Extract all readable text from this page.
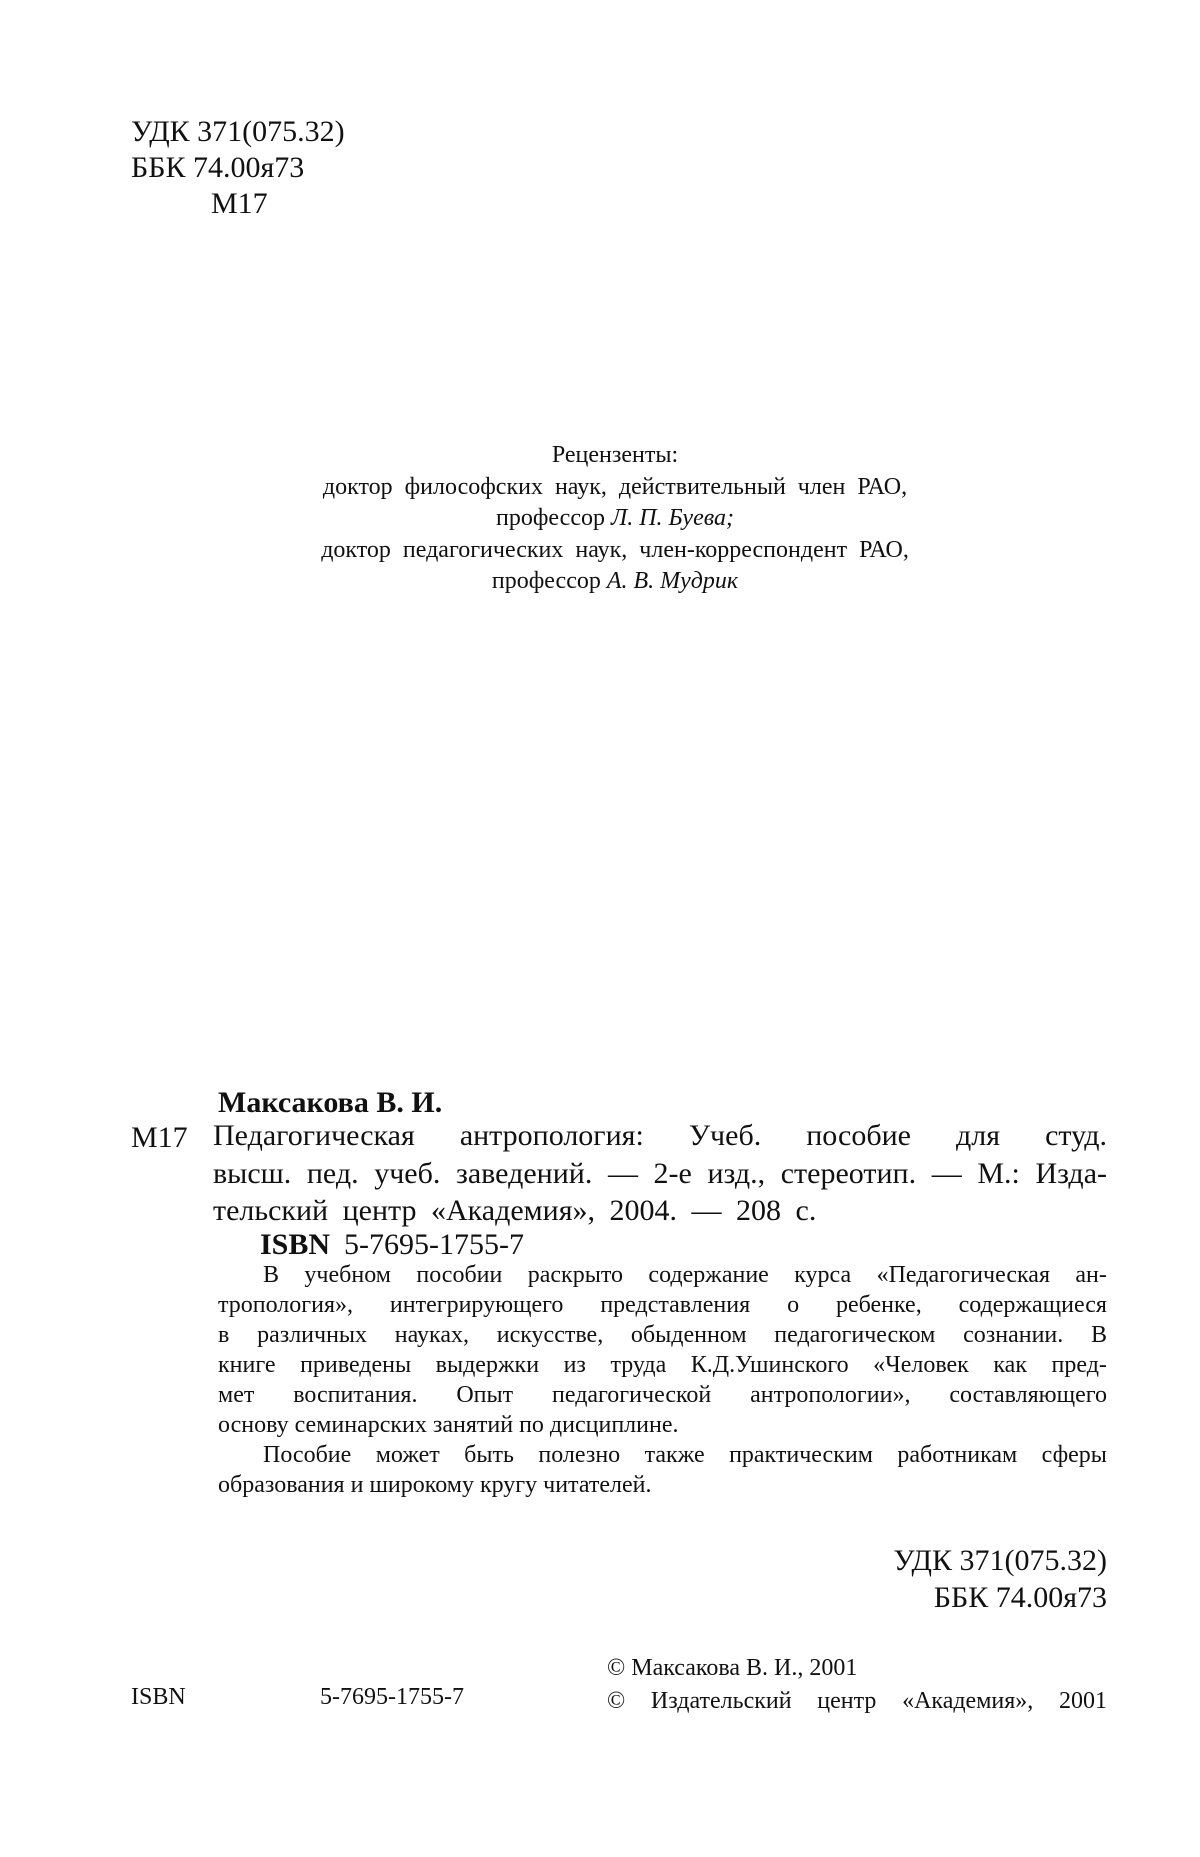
УДК 371(075.32)
ББК 74.00я73
М17
Рецензенты:
доктор философских наук, действительный член РАО,
профессор Л. П. Буева;
доктор педагогических наук, член-корреспондент РАО,
профессор А. В. Мудрик
Максакова В. И.
М17 Педагогическая антропология: Учеб. пособие для студ.
высш. пед. учеб. заведений. — 2-е изд., стереотип. — М.: Изда-
тельский центр «Академия», 2004. — 208 с.
ISBN 5-7695-1755-7
В учебном пособии раскрыто содержание курса «Педагогическая ан-
тропология», интегрирующего представления о ребенке, содержащиеся
в различных науках, искусстве, обыденном педагогическом сознании. В
книге приведены выдержки из труда К.Д.Ушинского «Человек как пред-
мет воспитания. Опыт педагогической антропологии», составляющего
основу семинарских занятий по дисциплине.
Пособие может быть полезно также практическим работникам сферы
образования и широкому кругу читателей.
УДК 371(075.32)
ББК 74.00я73
ISBN	5-7695-1755-7
© Максакова В. И., 2001
© Издательский центр «Академия», 2001
